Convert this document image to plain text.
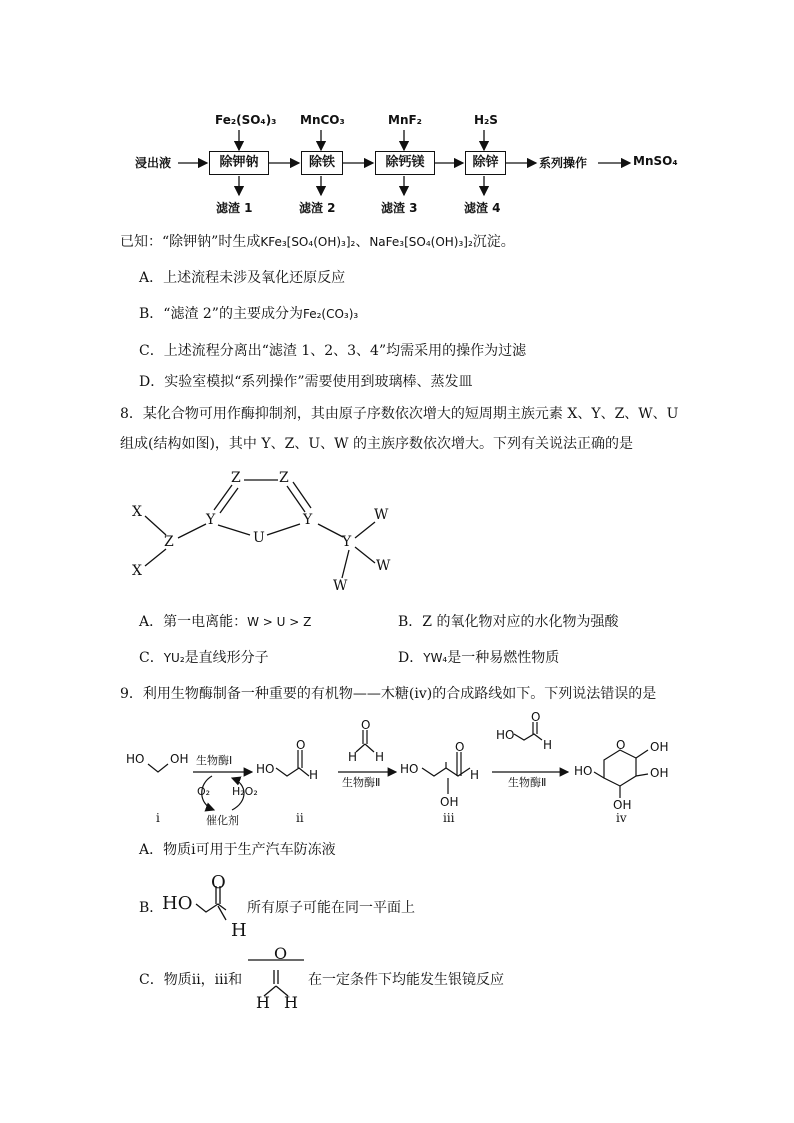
浸出液	除钾钠	除铁	除钙镁	除锌
Fe₂(SO₄)₃ MnCO₃	MnF₂	H₂S
滤渣 1	滤渣 2	滤渣 3	滤渣 4
系列操作	MnSO₄
已知：“除钾钠”时生成KFe₃[SO₄(OH)₃]₂、NaFe₃[SO₄(OH)₃]₂沉淀。
A．上述流程未涉及氧化还原反应
B．“滤渣 2”的主要成分为Fe₂(CO₃)₃
C．上述流程分离出“滤渣 1、2、3、4”均需采用的操作为过滤
D．实验室模拟“系列操作”需要使用到玻璃棒、蒸发皿
8．某化合物可用作酶抑制剂，其由原子序数依次增大的短周期主族元素 X、Y、Z、W、U
组成(结构如图)，其中 Y、Z、U、W 的主族序数依次增大。下列有关说法正确的是
X
X
Z
Y
Z	Z
U
Y
Y
W
W
W
A．第一电离能：W > U > Z	B．Z 的氧化物对应的水化物为强酸
C．YU₂是直线形分子	D．YW₄是一种易燃性物质
9．利用生物酶制备一种重要的有机物——木糖(ⅳ)的合成路线如下。下列说法错误的是
HO OH 生物酶Ⅰ
O₂ H₂O₂
催化剂
HO
O
H
O
H H
生物酶Ⅱ
HO
O
H
OH
HO
O
H
生物酶Ⅱ
O OH
OH
OH
HO
ⅰ	ⅱ	ⅲ	ⅳ
A．物质ⅰ可用于生产汽车防冻液
B．
HO
O
H
所有原子可能在同一平面上
C．物质ⅱ，ⅲ和
O
H H
在一定条件下均能发生银镜反应
